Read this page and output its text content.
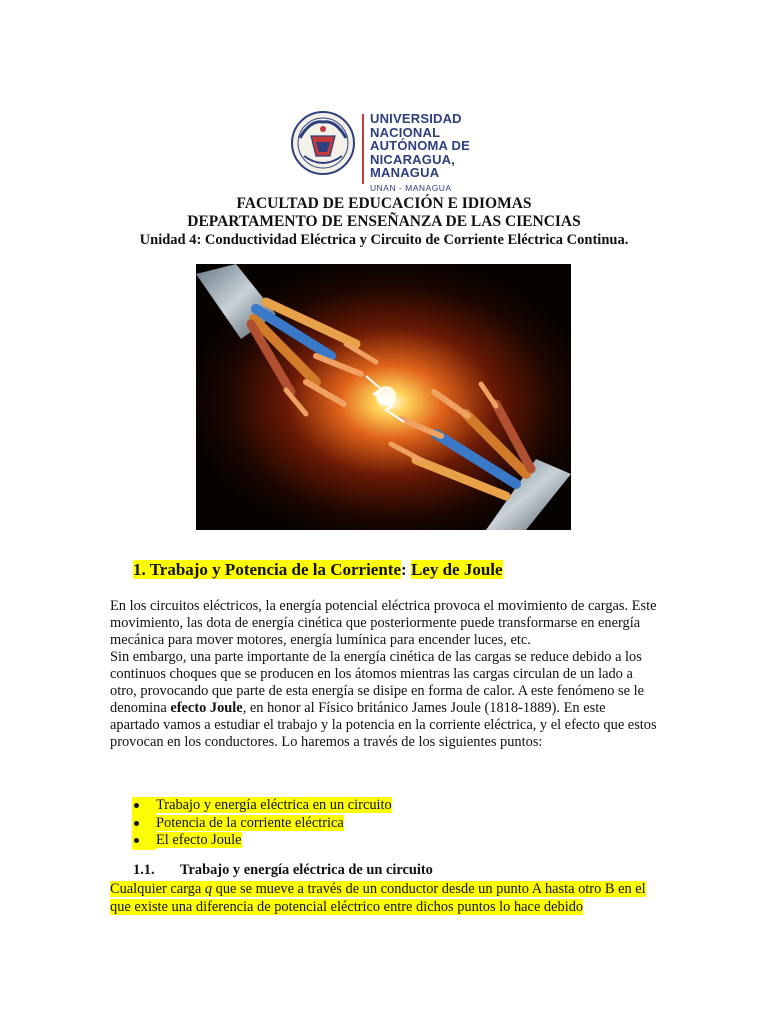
UNIVERSIDAD
NACIONAL
AUTÓNOMA DE
NICARAGUA,
MANAGUA
UNAN - MANAGUA
FACULTAD DE EDUCACIÓN E IDIOMAS
DEPARTAMENTO DE ENSEÑANZA DE LAS CIENCIAS
Unidad 4: Conductividad Eléctrica y Circuito de Corriente Eléctrica Continua.
1. Trabajo y Potencia de la Corriente: Ley de Joule

En los circuitos eléctricos, la energía potencial eléctrica provoca el movimiento de cargas. Este movimiento, las dota de energía cinética que posteriormente puede transformarse en energía mecánica para mover motores, energía lumínica para encender luces, etc.

Sin embargo, una parte importante de la energía cinética de las cargas se reduce debido a los continuos choques que se producen en los átomos mientras las cargas circulan de un lado a otro, provocando que parte de esta energía se disipe en forma de calor. A este fenómeno se le denomina efecto Joule, en honor al Físico británico James Joule (1818-1889). En este apartado vamos a estudiar el trabajo y la potencia en la corriente eléctrica, y el efecto que estos provocan en los conductores. Lo haremos a través de los siguientes puntos:

Trabajo y energía eléctrica en un circuito
Potencia de la corriente eléctrica
El efecto Joule
1.1. Trabajo y energía eléctrica de un circuito
Cualquier carga q que se mueve a través de un conductor desde un punto A hasta otro B en el que existe una diferencia de potencial eléctrico entre dichos puntos lo hace debido
